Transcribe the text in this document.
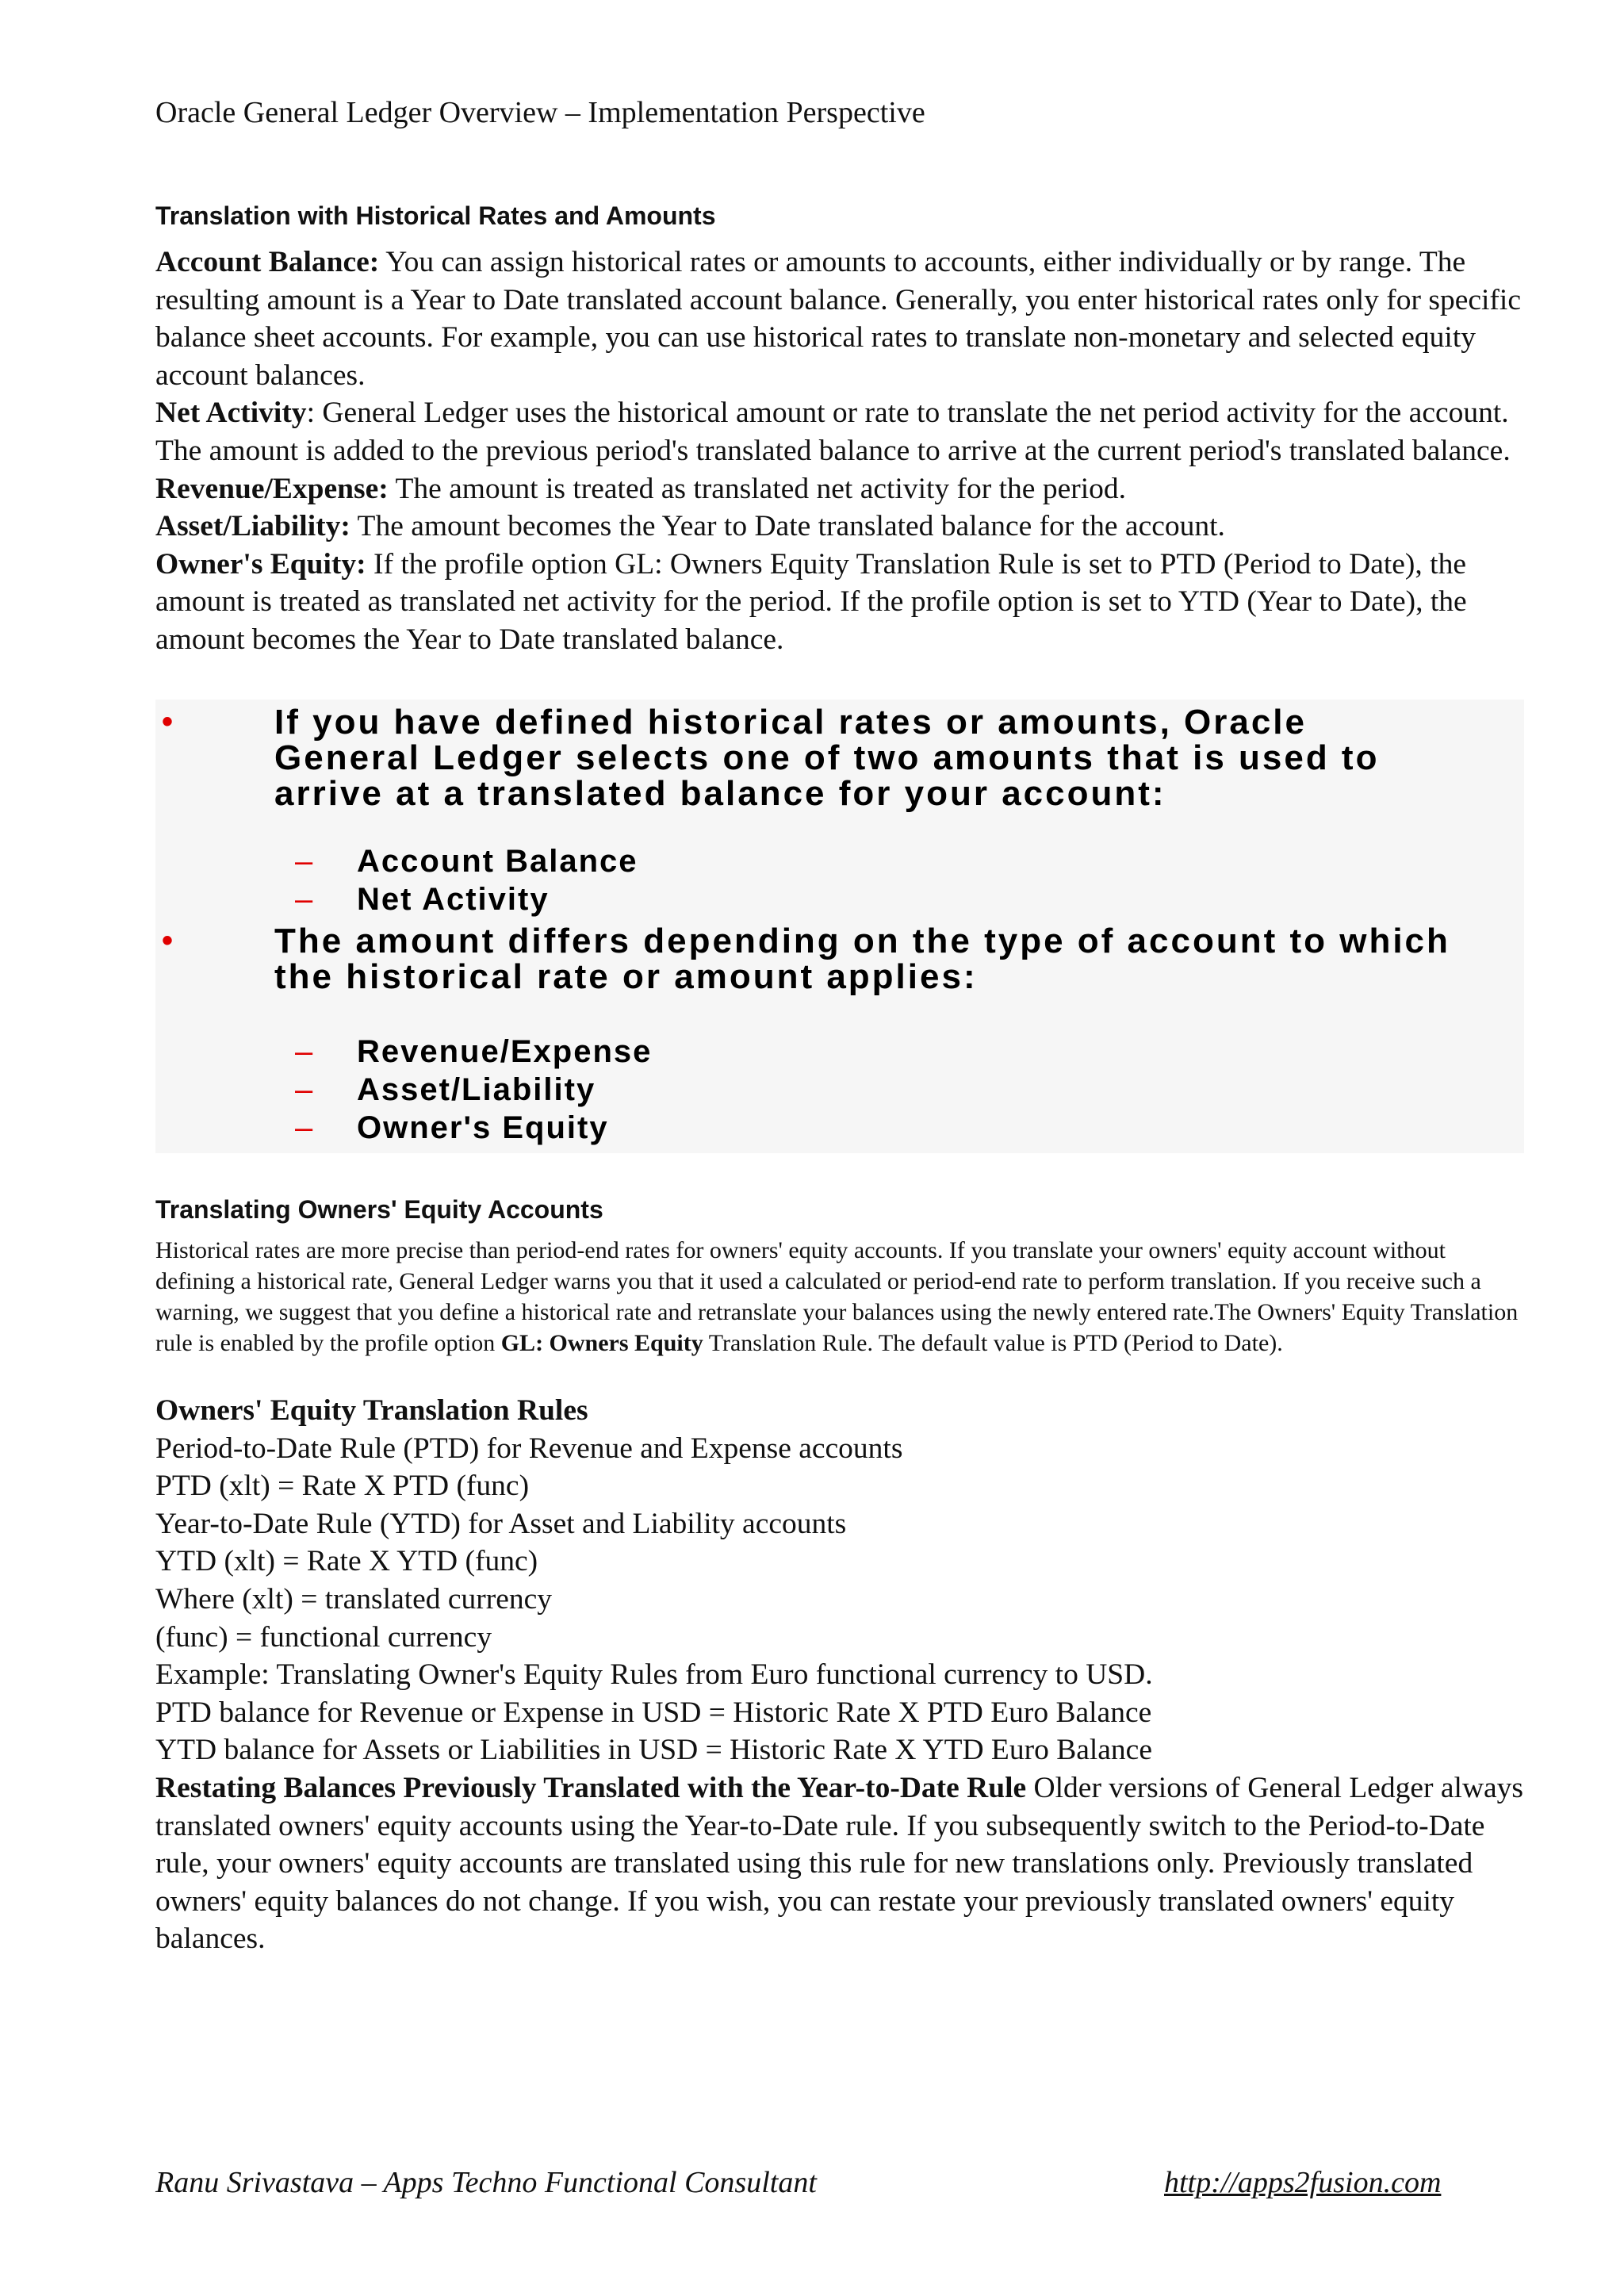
Oracle General Ledger Overview – Implementation Perspective
Translation with Historical Rates and Amounts
Account Balance: You can assign historical rates or amounts to accounts, either individually or by range. The resulting amount is a Year to Date translated account balance. Generally, you enter historical rates only for specific balance sheet accounts. For example, you can use historical rates to translate non-monetary and selected equity account balances.
Net Activity: General Ledger uses the historical amount or rate to translate the net period activity for the account. The amount is added to the previous period's translated balance to arrive at the current period's translated balance.
Revenue/Expense: The amount is treated as translated net activity for the period.
Asset/Liability: The amount becomes the Year to Date translated balance for the account.
Owner's Equity: If the profile option GL: Owners Equity Translation Rule is set to PTD (Period to Date), the amount is treated as translated net activity for the period. If the profile option is set to YTD (Year to Date), the amount becomes the Year to Date translated balance.
•	If you have defined historical rates or amounts, Oracle General Ledger selects one of two amounts that is used to arrive at a translated balance for your account:
– Account Balance
– Net Activity
•	The amount differs depending on the type of account to which the historical rate or amount applies:
– Revenue/Expense
– Asset/Liability
– Owner's Equity
Translating Owners' Equity Accounts
Historical rates are more precise than period-end rates for owners' equity accounts. If you translate your owners' equity account without defining a historical rate, General Ledger warns you that it used a calculated or period-end rate to perform translation. If you receive such a warning, we suggest that you define a historical rate and retranslate your balances using the newly entered rate.The Owners' Equity Translation rule is enabled by the profile option GL: Owners Equity Translation Rule. The default value is PTD (Period to Date).
Owners' Equity Translation Rules
Period-to-Date Rule (PTD) for Revenue and Expense accounts
PTD (xlt) = Rate X PTD (func)
Year-to-Date Rule (YTD) for Asset and Liability accounts
YTD (xlt) = Rate X YTD (func)
Where (xlt) = translated currency
(func) = functional currency
Example: Translating Owner's Equity Rules from Euro functional currency to USD.
PTD balance for Revenue or Expense in USD = Historic Rate X PTD Euro Balance
YTD balance for Assets or Liabilities in USD = Historic Rate X YTD Euro Balance
Restating Balances Previously Translated with the Year-to-Date Rule Older versions of General Ledger always translated owners' equity accounts using the Year-to-Date rule. If you subsequently switch to the Period-to-Date rule, your owners' equity accounts are translated using this rule for new translations only. Previously translated owners' equity balances do not change. If you wish, you can restate your previously translated owners' equity balances.
Ranu Srivastava – Apps Techno Functional Consultant	http://apps2fusion.com
